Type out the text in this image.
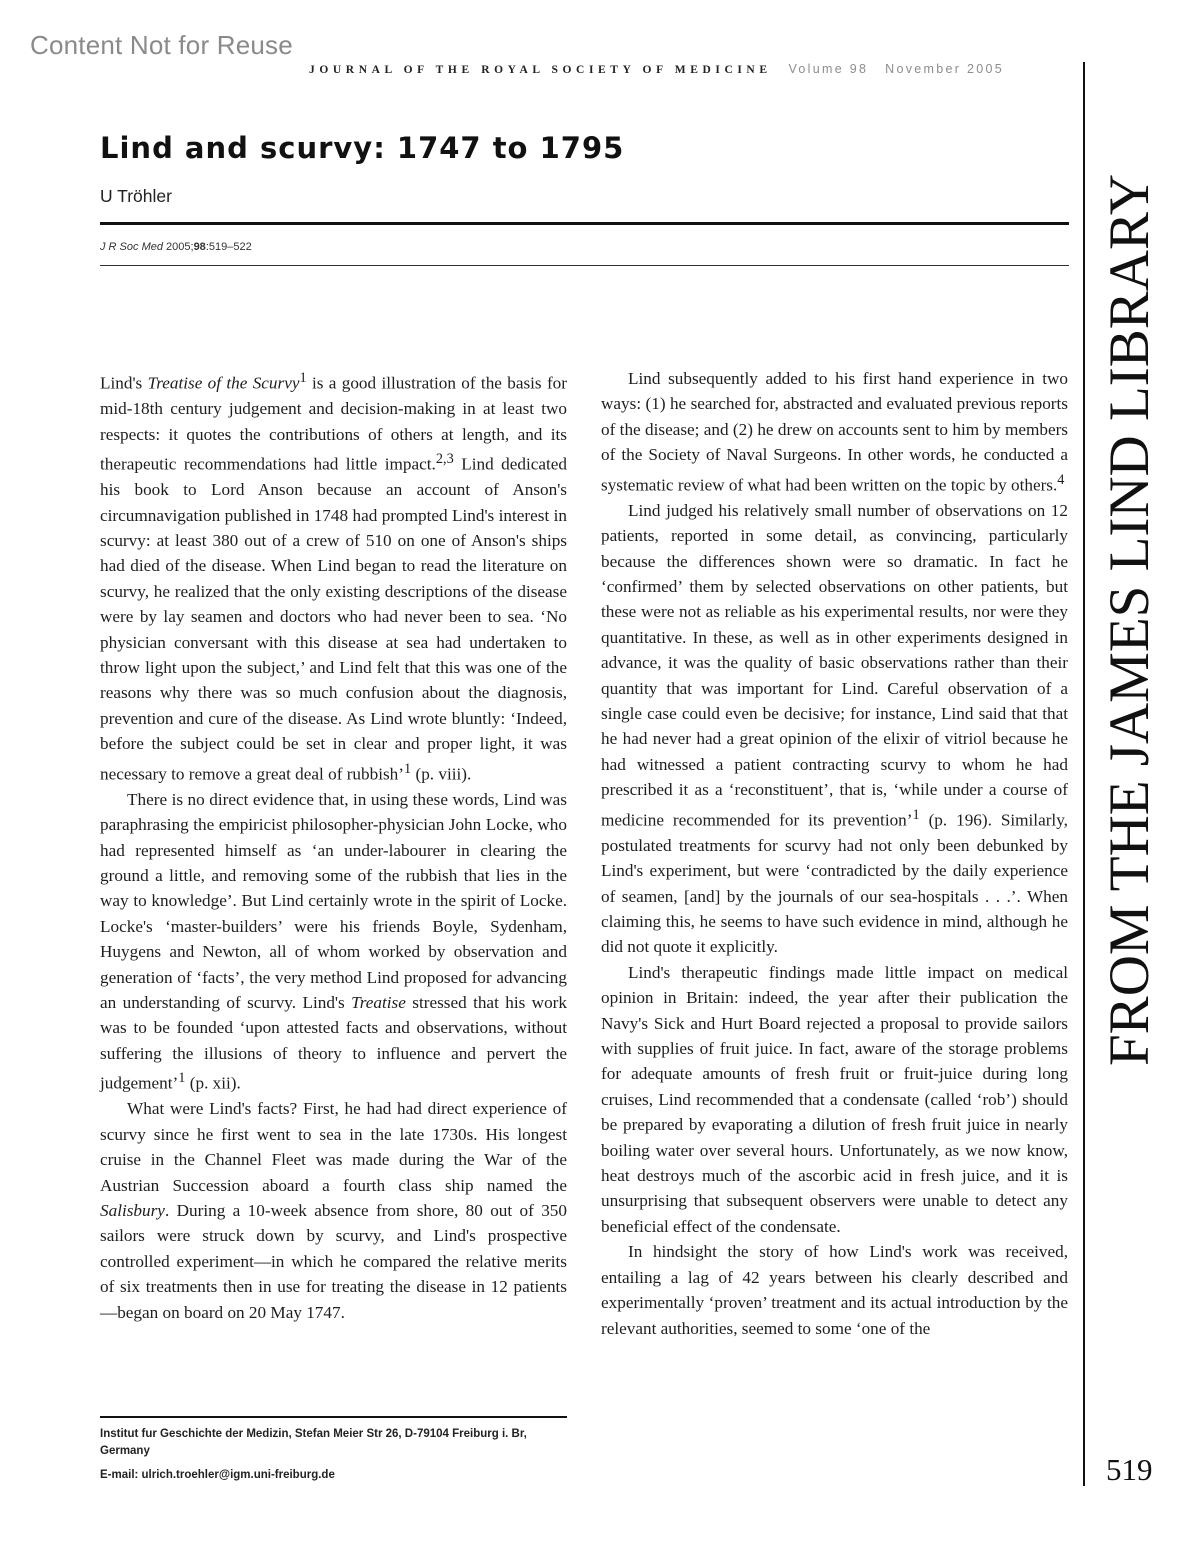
Content Not for Reuse
JOURNAL OF THE ROYAL SOCIETY OF MEDICINE Volume 98 November 2005
FROM THE JAMES LIND LIBRARY
519
Lind and scurvy: 1747 to 1795
U Tröhler
J R Soc Med 2005;98:519–522

Lind's Treatise of the Scurvy$^1$ is a good illustration of the basis for mid-18th century judgement and decision-making in at least two respects: it quotes the contributions of others at length, and its therapeutic recommendations had little impact.$^{2,3}$ Lind dedicated his book to Lord Anson because an account of Anson's circumnavigation published in 1748 had prompted Lind's interest in scurvy: at least 380 out of a crew of 510 on one of Anson's ships had died of the disease. When Lind began to read the literature on scurvy, he realized that the only existing descriptions of the disease were by lay seamen and doctors who had never been to sea. ‘No physician conversant with this disease at sea had undertaken to throw light upon the subject,’ and Lind felt that this was one of the reasons why there was so much confusion about the diagnosis, prevention and cure of the disease. As Lind wrote bluntly: ‘Indeed, before the subject could be set in clear and proper light, it was necessary to remove a great deal of rubbish’$^1$ (p. viii).

There is no direct evidence that, in using these words, Lind was paraphrasing the empiricist philosopher-physician John Locke, who had represented himself as ‘an under-labourer in clearing the ground a little, and removing some of the rubbish that lies in the way to knowledge’. But Lind certainly wrote in the spirit of Locke. Locke's ‘master-builders’ were his friends Boyle, Sydenham, Huygens and Newton, all of whom worked by observation and generation of ‘facts’, the very method Lind proposed for advancing an understanding of scurvy. Lind's Treatise stressed that his work was to be founded ‘upon attested facts and observations, without suffering the illusions of theory to influence and pervert the judgement’$^1$ (p. xii).

What were Lind's facts? First, he had had direct experience of scurvy since he first went to sea in the late 1730s. His longest cruise in the Channel Fleet was made during the War of the Austrian Succession aboard a fourth class ship named the Salisbury. During a 10-week absence from shore, 80 out of 350 sailors were struck down by scurvy, and Lind's prospective controlled experiment—in which he compared the relative merits of six treatments then in use for treating the disease in 12 patients—began on board on 20 May 1747.

Lind subsequently added to his first hand experience in two ways: (1) he searched for, abstracted and evaluated previous reports of the disease; and (2) he drew on accounts sent to him by members of the Society of Naval Surgeons. In other words, he conducted a systematic review of what had been written on the topic by others.$^4$

Lind judged his relatively small number of observations on 12 patients, reported in some detail, as convincing, particularly because the differences shown were so dramatic. In fact he ‘confirmed’ them by selected observations on other patients, but these were not as reliable as his experimental results, nor were they quantitative. In these, as well as in other experiments designed in advance, it was the quality of basic observations rather than their quantity that was important for Lind. Careful observation of a single case could even be decisive; for instance, Lind said that that he had never had a great opinion of the elixir of vitriol because he had witnessed a patient contracting scurvy to whom he had prescribed it as a ‘reconstituent’, that is, ‘while under a course of medicine recommended for its prevention’$^1$ (p. 196). Similarly, postulated treatments for scurvy had not only been debunked by Lind's experiment, but were ‘contradicted by the daily experience of seamen, [and] by the journals of our sea-hospitals . . .’. When claiming this, he seems to have such evidence in mind, although he did not quote it explicitly.

Lind's therapeutic findings made little impact on medical opinion in Britain: indeed, the year after their publication the Navy's Sick and Hurt Board rejected a proposal to provide sailors with supplies of fruit juice. In fact, aware of the storage problems for adequate amounts of fresh fruit or fruit-juice during long cruises, Lind recommended that a condensate (called ‘rob’) should be prepared by evaporating a dilution of fresh fruit juice in nearly boiling water over several hours. Unfortunately, as we now know, heat destroys much of the ascorbic acid in fresh juice, and it is unsurprising that subsequent observers were unable to detect any beneficial effect of the condensate.

In hindsight the story of how Lind's work was received, entailing a lag of 42 years between his clearly described and experimentally ‘proven’ treatment and its actual introduction by the relevant authorities, seemed to some ‘one of the

Institut fur Geschichte der Medizin, Stefan Meier Str 26, D-79104 Freiburg i. Br, Germany
E-mail: ulrich.troehler@igm.uni-freiburg.de
